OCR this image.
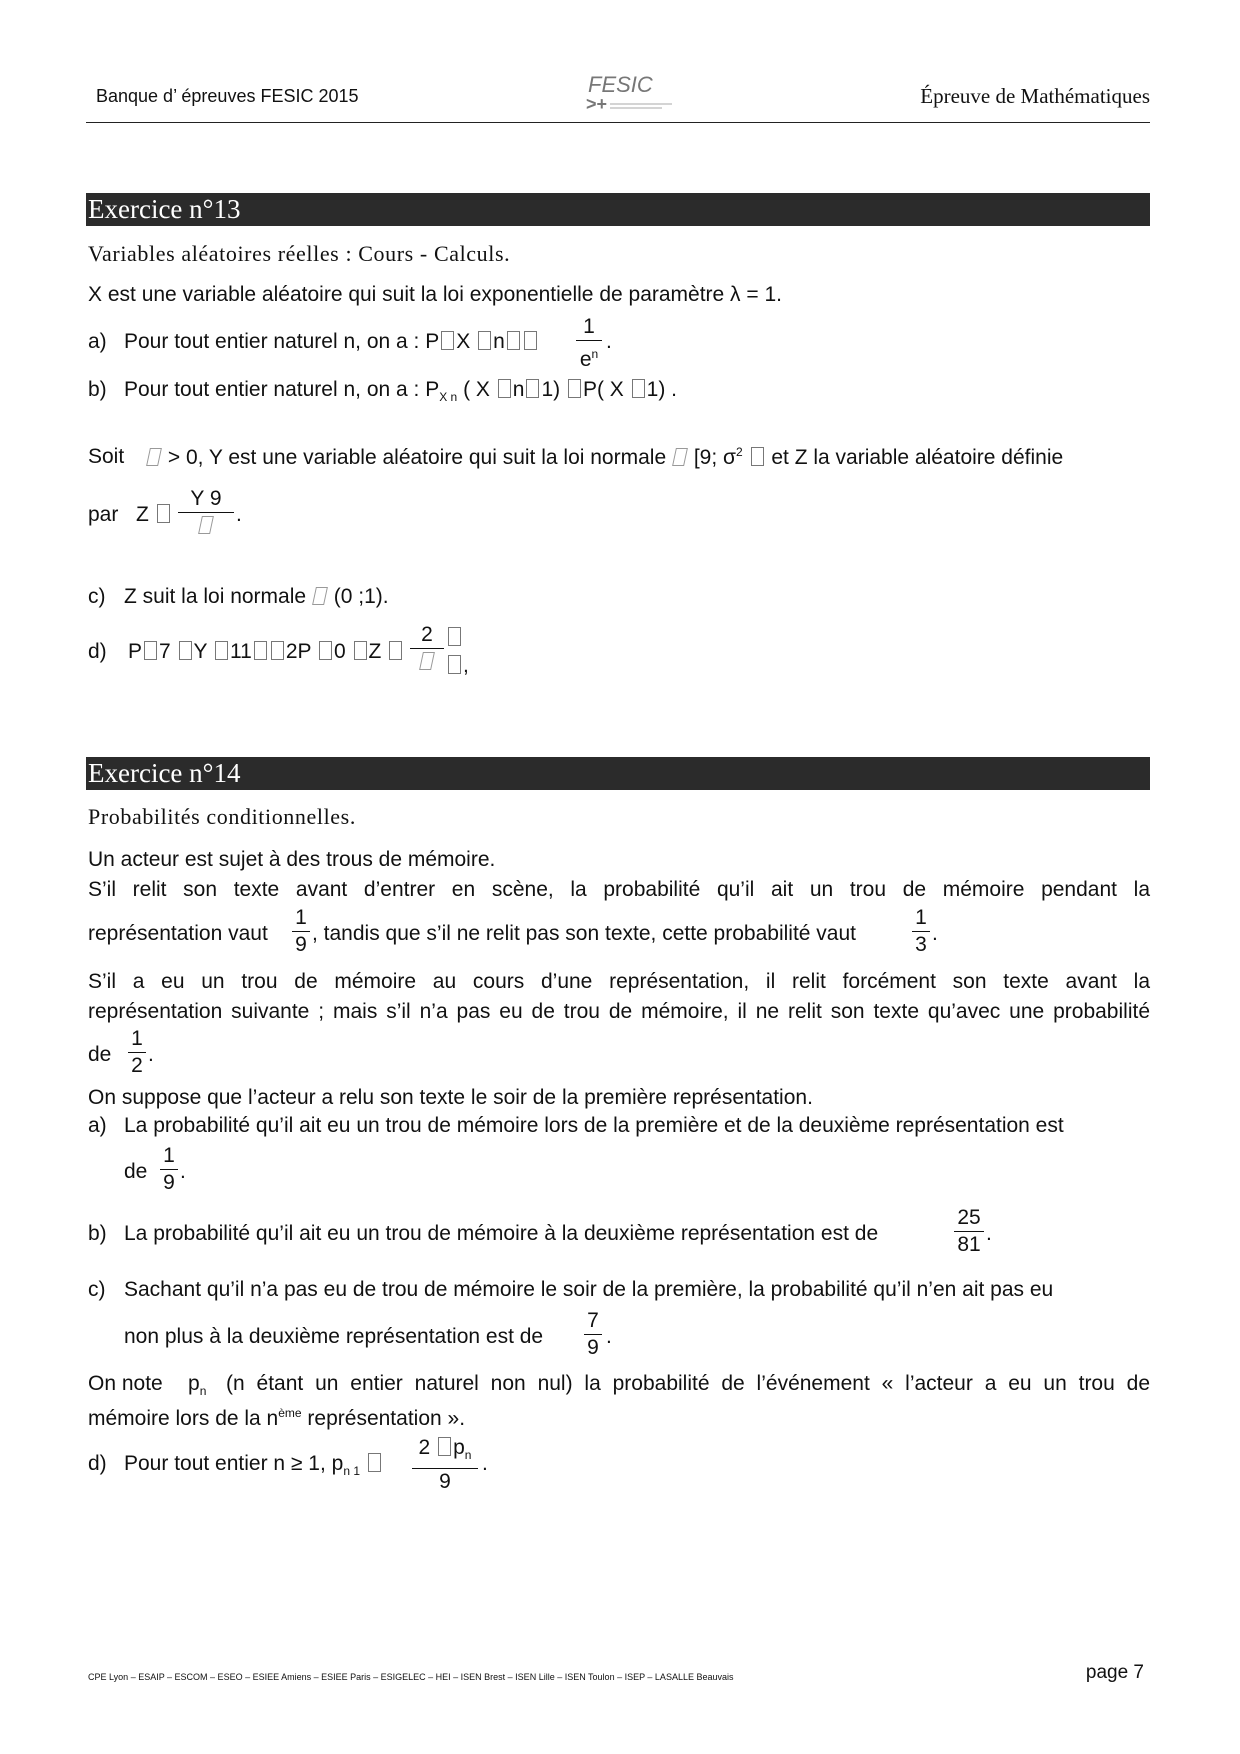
Banque d’ épreuves FESIC 2015	FESIC
>+	Épreuve de Mathématiques
Exercice n°13
Variables aléatoires réelles : Cours - Calculs.
X est une variable aléatoire qui suit la loi exponentielle de paramètre λ = 1.
a) Pour tout entier naturel n, on a : P X n
1
$e^n$
.
b) Pour tout entier naturel n, on a : $P_{X n}$ ( X n 1) P( X 1) .
Soit	> 0, Y est une variable aléatoire qui suit la loi normale [9; $\sigma^2$ et Z la variable aléatoire définie
par Z
Y 9
.
c) Z suit la loi normale (0 ;1).
d) P 7 Y 11 2P 0 Z
2
,
Exercice n°14
Probabilités conditionnelles.
Un acteur est sujet à des trous de mémoire.
S’il relit son texte avant d’entrer en scène, la probabilité qu’il ait un trou de mémoire pendant la
représentation vaut
1
9 , tandis que s’il ne relit pas son texte, cette probabilité vaut
1
3 .
S’il a eu un trou de mémoire au cours d’une représentation, il relit forcément son texte avant la
représentation suivante ; mais s’il n’a pas eu de trou de mémoire, il ne relit son texte qu’avec une probabilité
de
1
2 .
On suppose que l’acteur a relu son texte le soir de la première représentation.
a) La probabilité qu’il ait eu un trou de mémoire lors de la première et de la deuxième représentation est
de
1
9 .
b) La probabilité qu’il ait eu un trou de mémoire à la deuxième représentation est de
25
81 .
c) Sachant qu’il n’a pas eu de trou de mémoire le soir de la première, la probabilité qu’il n’en ait pas eu
non plus à la deuxième représentation est de
7
9 .
On note $p_n$ (n étant un entier naturel non nul) la probabilité de l’événement « l’acteur a eu un trou de
mémoire lors de la $n^{ème}$ représentation ».
d) Pour tout entier n ≥ 1, $p_{n 1}$
2 $p_n$
9
.
CPE Lyon – ESAIP – ESCOM – ESEO – ESIEE Amiens – ESIEE Paris – ESIGELEC – HEI – ISEN Brest – ISEN Lille – ISEN Toulon – ISEP – LASALLE Beauvais	page 7
